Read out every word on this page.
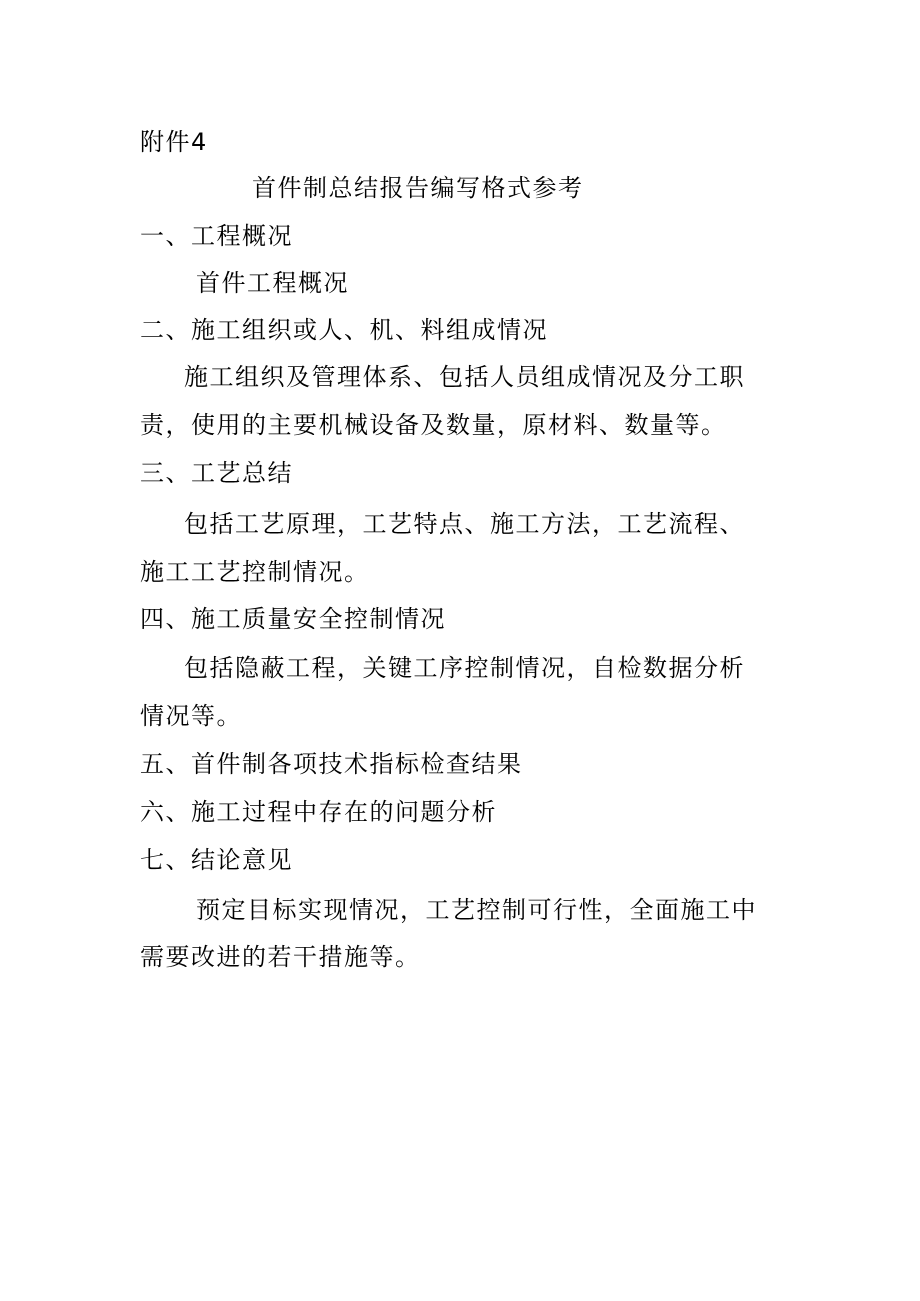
附件4
首件制总结报告编写格式参考
一、工程概况
首件工程概况
二、施工组织或人、机、料组成情况
施工组织及管理体系、包括人员组成情况及分工职
责，使用的主要机械设备及数量，原材料、数量等。
三、工艺总结
包括工艺原理，工艺特点、施工方法，工艺流程、
施工工艺控制情况。
四、施工质量安全控制情况
包括隐蔽工程，关键工序控制情况，自检数据分析
情况等。
五、首件制各项技术指标检查结果
六、施工过程中存在的问题分析
七、结论意见
预定目标实现情况，工艺控制可行性，全面施工中
需要改进的若干措施等。
